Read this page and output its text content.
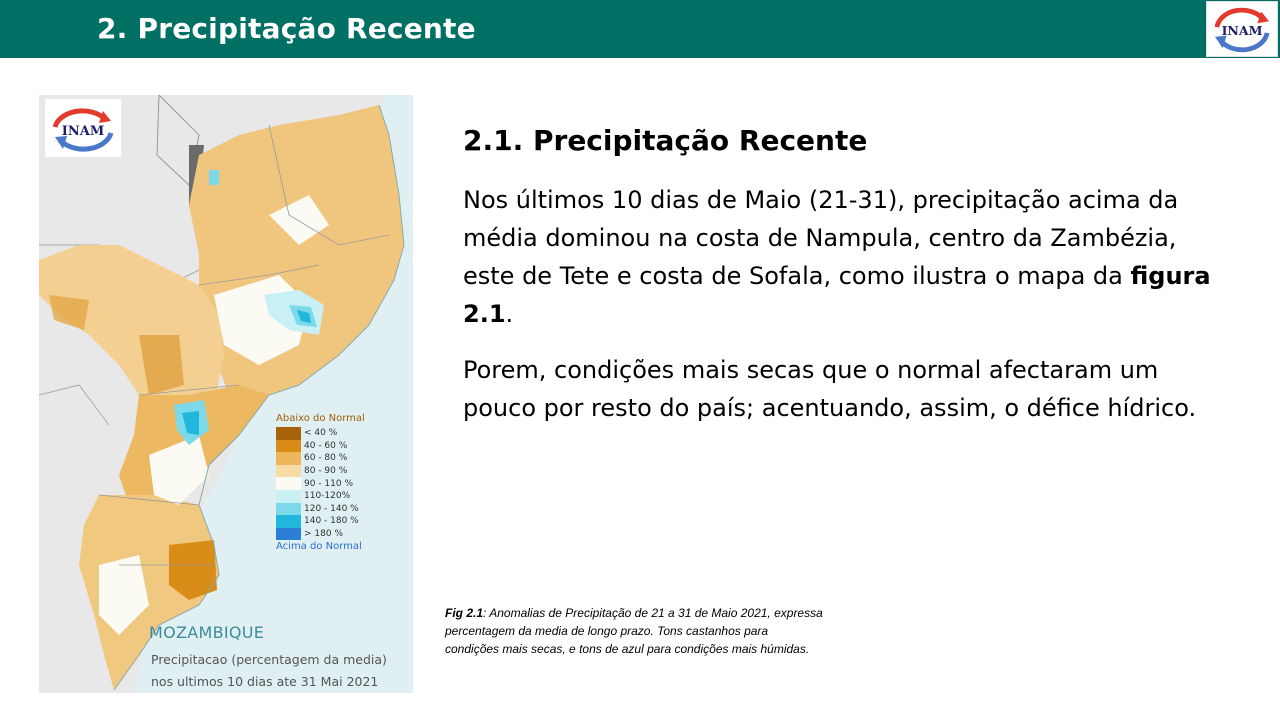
2. Precipitação Recente	INAM
INAM
Abaixo do Normal
< 40 %
40 - 60 %
60 - 80 %
80 - 90 %
90 - 110 %
110-120%
120 - 140 %
140 - 180 %
> 180 %
Acima do Normal
MOZAMBIQUE
Precipitacao (percentagem da media)
nos ultimos 10 dias ate 31 Mai 2021
2.1. Precipitação Recente
Nos últimos 10 dias de Maio (21-31), precipitação acima da média dominou na costa de Nampula, centro da Zambézia, este de Tete e costa de Sofala, como ilustra o mapa da figura 2.1.
Porem, condições mais secas que o normal afectaram um pouco por resto do país; acentuando, assim, o défice hídrico.
Fig 2.1: Anomalias de Precipitação de 21 a 31 de Maio 2021, expressa percentagem da media de longo prazo. Tons castanhos para condições mais secas, e tons de azul para condições mais húmidas.
